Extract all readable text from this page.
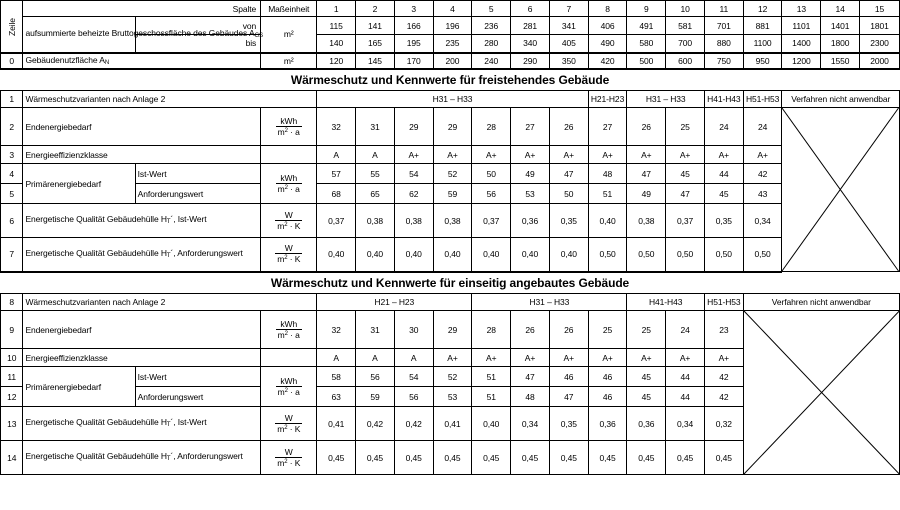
Zeile	Spalte		Maßeinheit	1	2	3	4	5	6	7	8	9	10	11	12	13	14	15
	aufsummierte beheizte Bruttogeschossfläche des Gebäudes AGS	von	m²	115	141	166	196	236	281	341	406	491	581	701	881	1101	1401	1801
		bis		140	165	195	235	280	340	405	490	580	700	880	1100	1400	1800	2300
0	Gebäudenutzfläche AN		m²	120	145	170	200	240	290	350	420	500	600	750	950	1200	1550	2000
Wärmeschutz und Kennwerte für freistehendes Gebäude																		
1	Wärmeschutzvarianten nach Anlage 2			H31 – H33							H21-H23	H31 – H33		H41-H43	H51-H53	Verfahren nicht anwendbar		
2	Endenergiebedarf		$\frac{\text{kWh}}{m^2 \cdot a}$	32	31	29	29	28	27	26	27	26	25	24	24	

3	Energieeffizienzklasse			A	A	A+	A+	A+	A+	A+	A+	A+	A+	A+	A+			
4	Primärenergiebedarf	Ist-Wert	$\frac{\text{kWh}}{m^2 \cdot a}$	57	55	54	52	50	49	47	48	47	45	44	42			
5		Anforderungswert		68	65	62	59	56	53	50	51	49	47	45	43			
6	Energetische Qualität Gebäudehülle HT´, Ist-Wert		$\frac{W}{m^2 \cdot K}$	0,37	0,38	0,38	0,38	0,37	0,36	0,35	0,40	0,38	0,37	0,35	0,34			
7	Energetische Qualität Gebäudehülle HT´, Anforderungswert		$\frac{W}{m^2 \cdot K}$	0,40	0,40	0,40	0,40	0,40	0,40	0,40	0,50	0,50	0,50	0,50	0,50			
Wärmeschutz und Kennwerte für einseitig angebautes Gebäude																		
8	Wärmeschutzvarianten nach Anlage 2			H21 – H23				H31 – H33				H41-H43		H51-H53	Verfahren nicht anwendbar			
9	Endenergiebedarf		$\frac{\text{kWh}}{m^2 \cdot a}$	32	31	30	29	28	26	26	25	25	24	23	

10	Energieeffizienzklasse			A	A	A	A+	A+	A+	A+	A+	A+	A+	A+				
11	Primärenergiebedarf	Ist-Wert	$\frac{\text{kWh}}{m^2 \cdot a}$	58	56	54	52	51	47	46	46	45	44	42				
12		Anforderungswert		63	59	56	53	51	48	47	46	45	44	42				
13	Energetische Qualität Gebäudehülle HT´, Ist-Wert		$\frac{W}{m^2 \cdot K}$	0,41	0,42	0,42	0,41	0,40	0,34	0,35	0,36	0,36	0,34	0,32				
14	Energetische Qualität Gebäudehülle HT´, Anforderungswert		$\frac{W}{m^2 \cdot K}$	0,45	0,45	0,45	0,45	0,45	0,45	0,45	0,45	0,45	0,45	0,45				
